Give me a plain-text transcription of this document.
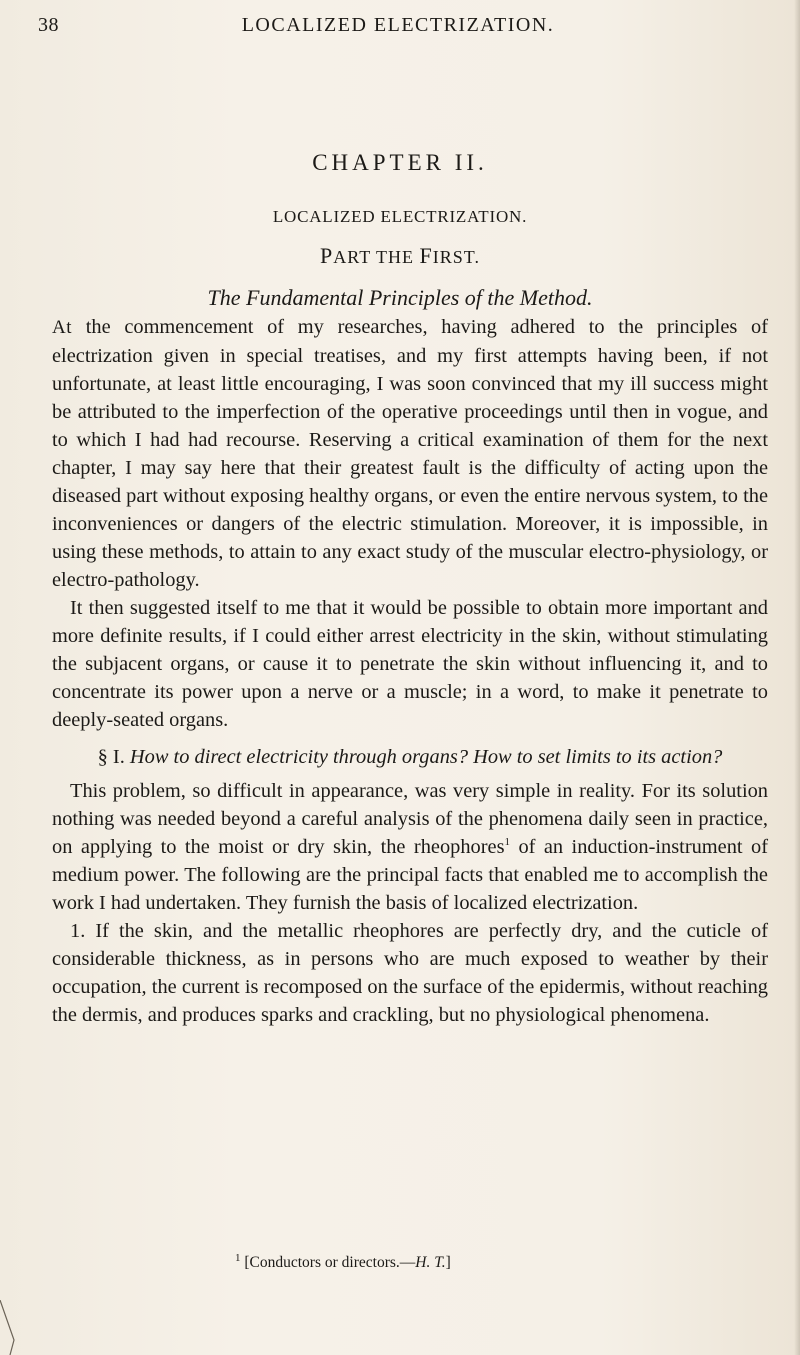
38	LOCALIZED ELECTRIZATION.
CHAPTER II.
LOCALIZED ELECTRIZATION.
PART THE FIRST.
The Fundamental Principles of the Method.

At the commencement of my researches, having adhered to the principles of electrization given in special treatises, and my first attempts having been, if not unfortunate, at least little encouraging, I was soon convinced that my ill success might be attributed to the imperfection of the operative proceedings until then in vogue, and to which I had had recourse. Reserving a critical examination of them for the next chapter, I may say here that their greatest fault is the difficulty of acting upon the diseased part without exposing healthy organs, or even the entire nervous system, to the inconveniences or dangers of the electric stimulation. Moreover, it is impossible, in using these methods, to attain to any exact study of the muscular electro-physiology, or electro-pathology.

It then suggested itself to me that it would be possible to obtain more important and more definite results, if I could either arrest electricity in the skin, without stimulating the subjacent organs, or cause it to penetrate the skin without influencing it, and to concentrate its power upon a nerve or a muscle; in a word, to make it penetrate to deeply-seated organs.

§ I. How to direct electricity through organs? How to set limits to its action?

This problem, so difficult in appearance, was very simple in reality. For its solution nothing was needed beyond a careful analysis of the phenomena daily seen in practice, on applying to the moist or dry skin, the rheophores$^1$ of an induction-instrument of medium power. The following are the principal facts that enabled me to accomplish the work I had undertaken. They furnish the basis of localized electrization.

1. If the skin, and the metallic rheophores are perfectly dry, and the cuticle of considerable thickness, as in persons who are much exposed to weather by their occupation, the current is recomposed on the surface of the epidermis, without reaching the dermis, and produces sparks and crackling, but no physiological phenomena.

$^1$ [Conductors or directors.—H. T.]
